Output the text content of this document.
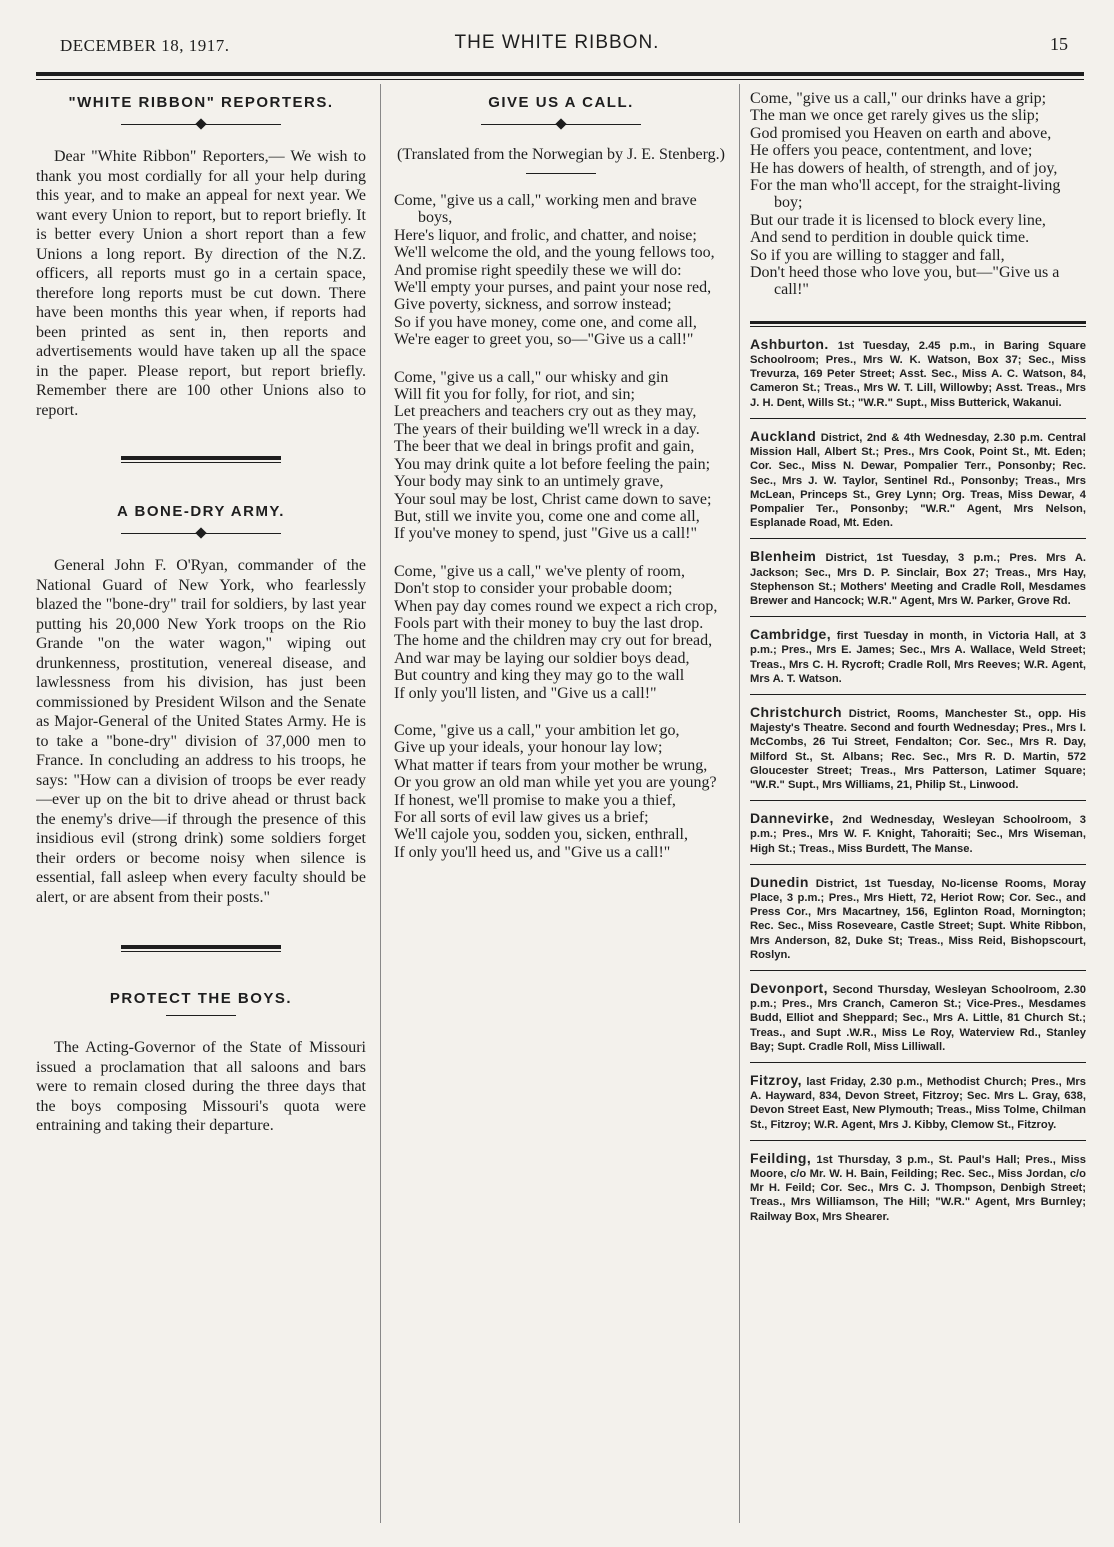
DECEMBER 18, 1917.	THE WHITE RIBBON.	15
"WHITE RIBBON" REPORTERS.

Dear "White Ribbon" Reporters,— We wish to thank you most cordially for all your help during this year, and to make an appeal for next year. We want every Union to report, but to report briefly. It is better every Union a short report than a few Unions a long report. By direction of the N.Z. officers, all reports must go in a certain space, therefore long reports must be cut down. There have been months this year when, if reports had been printed as sent in, then reports and advertisements would have taken up all the space in the paper. Please report, but report briefly. Remember there are 100 other Unions also to report.

A BONE-DRY ARMY.

General John F. O'Ryan, commander of the National Guard of New York, who fearlessly blazed the "bone-dry" trail for soldiers, by last year putting his 20,000 New York troops on the Rio Grande "on the water wagon," wiping out drunkenness, prostitution, venereal disease, and lawlessness from his division, has just been commissioned by President Wilson and the Senate as Major-General of the United States Army. He is to take a "bone-dry" division of 37,000 men to France. In concluding an address to his troops, he says: "How can a division of troops be ever ready—ever up on the bit to drive ahead or thrust back the enemy's drive—if through the presence of this insidious evil (strong drink) some soldiers forget their orders or become noisy when silence is essential, fall asleep when every faculty should be alert, or are absent from their posts."

PROTECT THE BOYS.

The Acting-Governor of the State of Missouri issued a proclamation that all saloons and bars were to remain closed during the three days that the boys composing Missouri's quota were entraining and taking their departure.

GIVE US A CALL.

(Translated from the Norwegian by J. E. Stenberg.)

Come, "give us a call," working men and brave boys,

Here's liquor, and frolic, and chatter, and noise;

We'll welcome the old, and the young fellows too,

And promise right speedily these we will do:

We'll empty your purses, and paint your nose red,

Give poverty, sickness, and sorrow instead;

So if you have money, come one, and come all,

We're eager to greet you, so—"Give us a call!"

Come, "give us a call," our whisky and gin

Will fit you for folly, for riot, and sin;

Let preachers and teachers cry out as they may,

The years of their building we'll wreck in a day.

The beer that we deal in brings profit and gain,

You may drink quite a lot before feeling the pain;

Your body may sink to an untimely grave,

Your soul may be lost, Christ came down to save;

But, still we invite you, come one and come all,

If you've money to spend, just "Give us a call!"

Come, "give us a call," we've plenty of room,

Don't stop to consider your probable doom;

When pay day comes round we expect a rich crop,

Fools part with their money to buy the last drop.

The home and the children may cry out for bread,

And war may be laying our soldier boys dead,

But country and king they may go to the wall

If only you'll listen, and "Give us a call!"

Come, "give us a call," your ambition let go,

Give up your ideals, your honour lay low;

What matter if tears from your mother be wrung,

Or you grow an old man while yet you are young?

If honest, we'll promise to make you a thief,

For all sorts of evil law gives us a brief;

We'll cajole you, sodden you, sicken, enthrall,

If only you'll heed us, and "Give us a call!"

Come, "give us a call," our drinks have a grip;

The man we once get rarely gives us the slip;

God promised you Heaven on earth and above,

He offers you peace, contentment, and love;

He has dowers of health, of strength, and of joy,

For the man who'll accept, for the straight-living boy;

But our trade it is licensed to block every line,

And send to perdition in double quick time.

So if you are willing to stagger and fall,

Don't heed those who love you, but—"Give us a call!"

Ashburton. 1st Tuesday, 2.45 p.m., in Baring Square Schoolroom; Pres., Mrs W. K. Watson, Box 37; Sec., Miss Trevurza, 169 Peter Street; Asst. Sec., Miss A. C. Watson, 84, Cameron St.; Treas., Mrs W. T. Lill, Willowby; Asst. Treas., Mrs J. H. Dent, Wills St.; "W.R." Supt., Miss Butterick, Wakanui.

Auckland District, 2nd & 4th Wednesday, 2.30 p.m. Central Mission Hall, Albert St.; Pres., Mrs Cook, Point St., Mt. Eden; Cor. Sec., Miss N. Dewar, Pompalier Terr., Ponsonby; Rec. Sec., Mrs J. W. Taylor, Sentinel Rd., Ponsonby; Treas., Mrs McLean, Princeps St., Grey Lynn; Org. Treas, Miss Dewar, 4 Pompalier Ter., Ponsonby; "W.R." Agent, Mrs Nelson, Esplanade Road, Mt. Eden.

Blenheim District, 1st Tuesday, 3 p.m.; Pres. Mrs A. Jackson; Sec., Mrs D. P. Sinclair, Box 27; Treas., Mrs Hay, Stephenson St.; Mothers' Meeting and Cradle Roll, Mesdames Brewer and Hancock; W.R." Agent, Mrs W. Parker, Grove Rd.

Cambridge, first Tuesday in month, in Victoria Hall, at 3 p.m.; Pres., Mrs E. James; Sec., Mrs A. Wallace, Weld Street; Treas., Mrs C. H. Rycroft; Cradle Roll, Mrs Reeves; W.R. Agent, Mrs A. T. Watson.

Christchurch District, Rooms, Manchester St., opp. His Majesty's Theatre. Second and fourth Wednesday; Pres., Mrs I. McCombs, 26 Tui Street, Fendalton; Cor. Sec., Mrs R. Day, Milford St., St. Albans; Rec. Sec., Mrs R. D. Martin, 572 Gloucester Street; Treas., Mrs Patterson, Latimer Square; "W.R." Supt., Mrs Williams, 21, Philip St., Linwood.

Dannevirke, 2nd Wednesday, Wesleyan Schoolroom, 3 p.m.; Pres., Mrs W. F. Knight, Tahoraiti; Sec., Mrs Wiseman, High St.; Treas., Miss Burdett, The Manse.

Dunedin District, 1st Tuesday, No-license Rooms, Moray Place, 3 p.m.; Pres., Mrs Hiett, 72, Heriot Row; Cor. Sec., and Press Cor., Mrs Macartney, 156, Eglinton Road, Mornington; Rec. Sec., Miss Roseveare, Castle Street; Supt. White Ribbon, Mrs Anderson, 82, Duke St; Treas., Miss Reid, Bishopscourt, Roslyn.

Devonport, Second Thursday, Wesleyan Schoolroom, 2.30 p.m.; Pres., Mrs Cranch, Cameron St.; Vice-Pres., Mesdames Budd, Elliot and Sheppard; Sec., Mrs A. Little, 81 Church St.; Treas., and Supt .W.R., Miss Le Roy, Waterview Rd., Stanley Bay; Supt. Cradle Roll, Miss Lilliwall.

Fitzroy, last Friday, 2.30 p.m., Methodist Church; Pres., Mrs A. Hayward, 834, Devon Street, Fitzroy; Sec. Mrs L. Gray, 638, Devon Street East, New Plymouth; Treas., Miss Tolme, Chilman St., Fitzroy; W.R. Agent, Mrs J. Kibby, Clemow St., Fitzroy.

Feilding, 1st Thursday, 3 p.m., St. Paul's Hall; Pres., Miss Moore, c/o Mr. W. H. Bain, Feilding; Rec. Sec., Miss Jordan, c/o Mr H. Feild; Cor. Sec., Mrs C. J. Thompson, Denbigh Street; Treas., Mrs Williamson, The Hill; "W.R." Agent, Mrs Burnley; Railway Box, Mrs Shearer.
